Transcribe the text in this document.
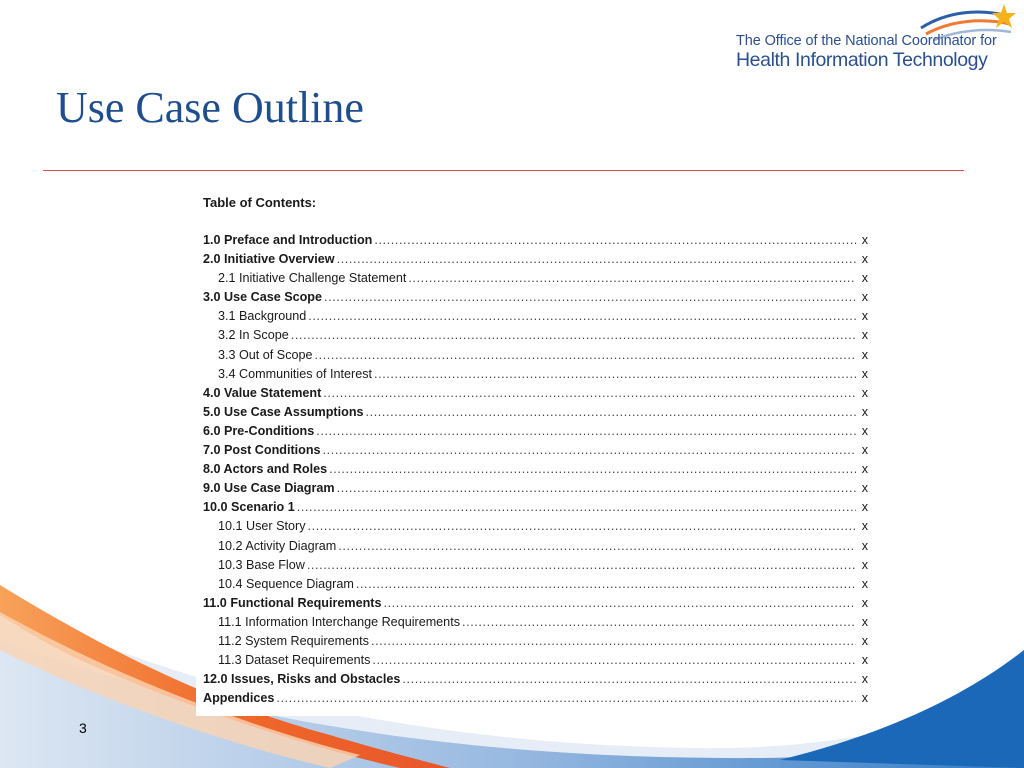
The Office of the National Coordinator for
Health Information Technology
Use Case Outline
Table of Contents:
1.0 Preface and Introduction .....	x
2.0 Initiative Overview .....	x
2.1 Initiative Challenge Statement .....	x
3.0 Use Case Scope .....	x
3.1 Background .....	x
3.2 In Scope .....	x
3.3 Out of Scope .....	x
3.4 Communities of Interest .....	x
4.0 Value Statement .....	x
5.0 Use Case Assumptions .....	x
6.0 Pre-Conditions .....	x
7.0 Post Conditions .....	x
8.0 Actors and Roles .....	x
9.0 Use Case Diagram .....	x
10.0 Scenario 1 .....	x
10.1 User Story .....	x
10.2 Activity Diagram .....	x
10.3 Base Flow .....	x
10.4 Sequence Diagram .....	x
11.0 Functional Requirements .....	x
11.1 Information Interchange Requirements .....	x
11.2 System Requirements .....	x
11.3 Dataset Requirements .....	x
12.0 Issues, Risks and Obstacles .....	x
Appendices .....	x
3
